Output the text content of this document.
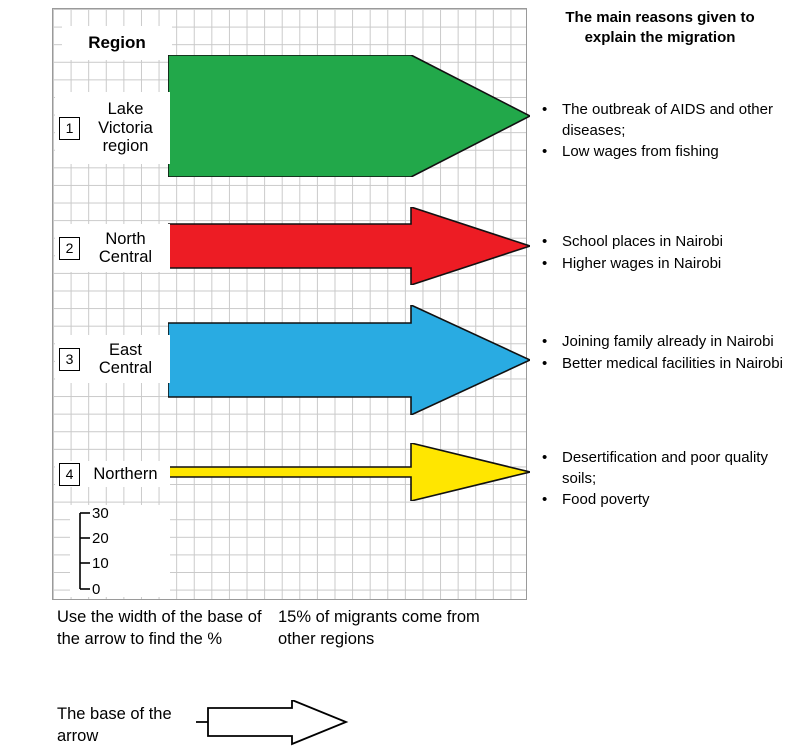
Region
1
Lake
Victoria
region
2
North
Central
3
East
Central
4	Northern
30
20
10
0
The main reasons given to explain the migration
• The outbreak of AIDS and other diseases;
• Low wages from fishing
• School places in Nairobi
• Higher wages in Nairobi
• Joining family already in Nairobi
• Better medical facilities in Nairobi
• Desertification and poor quality soils;
• Food poverty
Use the width of the base of the arrow to find the %
15% of migrants come from other regions
The base of the arrow
